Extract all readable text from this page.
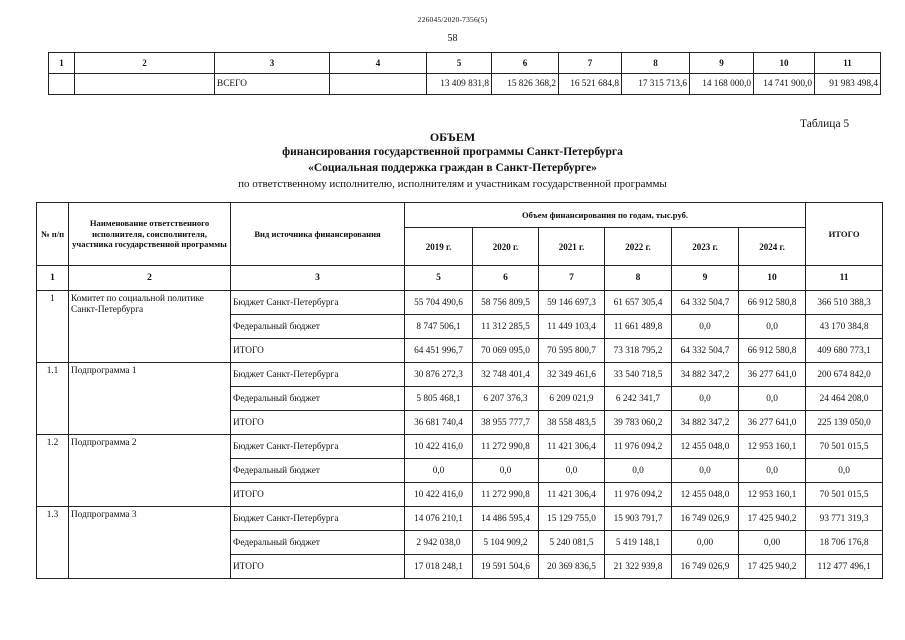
226045/2020-7356(5)
58
1	2	3	4	5	6	7	8	9	10	11
		ВСЕГО		13 409 831,8	15 826 368,2	16 521 684,8	17 315 713,6	14 168 000,0	14 741 900,0	91 983 498,4
Таблица 5
ОБЪЕМ
финансирования государственной программы Санкт-Петербурга
«Социальная поддержка граждан в Санкт-Петербурге»
по ответственному исполнителю, исполнителям и участникам государственной программы
№ п/п	Наименование ответственного исполнителя, соисполнителя, участника государственной программы	Вид источника финансирования	Объем финансирования по годам, тыс.руб.						ИТОГО
			2019 г.	2020 г.	2021 г.	2022 г.	2023 г.	2024 г.	
1	2	3	5	6	7	8	9	10	11
1	Комитет по социальной политике Санкт-Петербурга	Бюджет Санкт-Петербурга	55 704 490,6	58 756 809,5	59 146 697,3	61 657 305,4	64 332 504,7	66 912 580,8	366 510 388,3
		Федеральный бюджет	8 747 506,1	11 312 285,5	11 449 103,4	11 661 489,8	0,0	0,0	43 170 384,8
		ИТОГО	64 451 996,7	70 069 095,0	70 595 800,7	73 318 795,2	64 332 504,7	66 912 580,8	409 680 773,1
1.1	Подпрограмма 1	Бюджет Санкт-Петербурга	30 876 272,3	32 748 401,4	32 349 461,6	33 540 718,5	34 882 347,2	36 277 641,0	200 674 842,0
		Федеральный бюджет	5 805 468,1	6 207 376,3	6 209 021,9	6 242 341,7	0,0	0,0	24 464 208,0
		ИТОГО	36 681 740,4	38 955 777,7	38 558 483,5	39 783 060,2	34 882 347,2	36 277 641,0	225 139 050,0
1.2	Подпрограмма 2	Бюджет Санкт-Петербурга	10 422 416,0	11 272 990,8	11 421 306,4	11 976 094,2	12 455 048,0	12 953 160,1	70 501 015,5
		Федеральный бюджет	0,0	0,0	0,0	0,0	0,0	0,0	0,0
		ИТОГО	10 422 416,0	11 272 990,8	11 421 306,4	11 976 094,2	12 455 048,0	12 953 160,1	70 501 015,5
1.3	Подпрограмма 3	Бюджет Санкт-Петербурга	14 076 210,1	14 486 595,4	15 129 755,0	15 903 791,7	16 749 026,9	17 425 940,2	93 771 319,3
		Федеральный бюджет	2 942 038,0	5 104 909,2	5 240 081,5	5 419 148,1	0,00	0,00	18 706 176,8
		ИТОГО	17 018 248,1	19 591 504,6	20 369 836,5	21 322 939,8	16 749 026,9	17 425 940,2	112 477 496,1
